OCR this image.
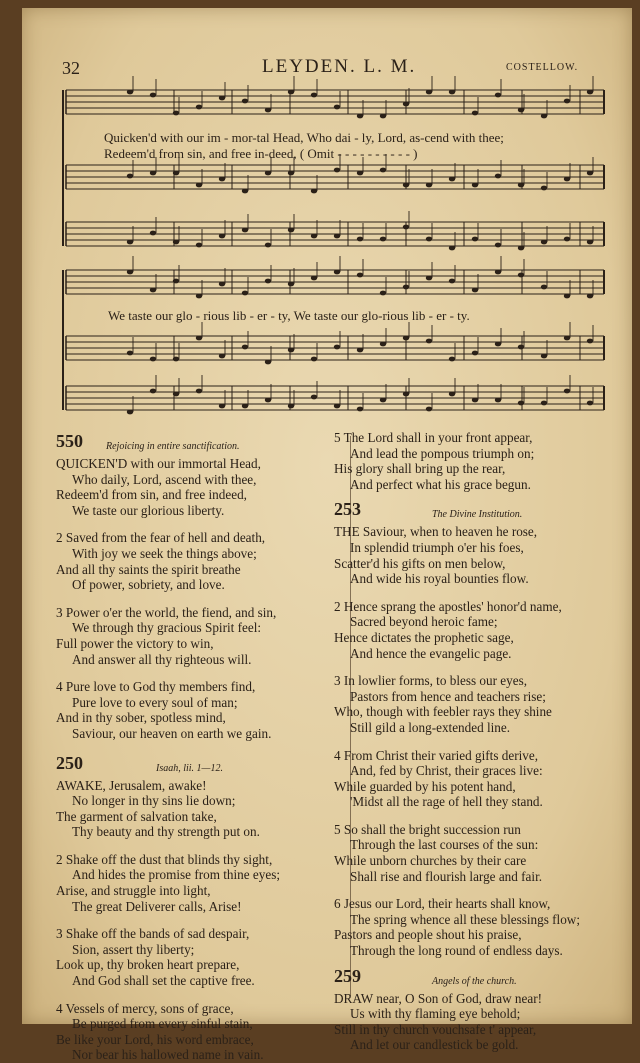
32	LEYDEN. L. M.	COSTELLOW.
Quicken'd with our im - mor-tal Head, Who dai - ly, Lord, as-cend with thee;
Redeem'd from sin, and free in-deed, ( Omit - - - - - - - - - - )
We taste our glo - rious lib - er - ty, We taste our glo-rious lib - er - ty.
550 Rejoicing in entire sanctification.
QUICKEN'D with our immortal Head,
Who daily, Lord, ascend with thee,
Redeem'd from sin, and free indeed,
We taste our glorious liberty.
2 Saved from the fear of hell and death,
With joy we seek the things above;
And all thy saints the spirit breathe
Of power, sobriety, and love.
3 Power o'er the world, the fiend, and sin,
We through thy gracious Spirit feel:
Full power the victory to win,
And answer all thy righteous will.
4 Pure love to God thy members find,
Pure love to every soul of man;
And in thy sober, spotless mind,
Saviour, our heaven on earth we gain.
250	Isaah, lii. 1—12.
AWAKE, Jerusalem, awake!
No longer in thy sins lie down;
The garment of salvation take,
Thy beauty and thy strength put on.
2 Shake off the dust that blinds thy sight,
And hides the promise from thine eyes;
Arise, and struggle into light,
The great Deliverer calls, Arise!
3 Shake off the bands of sad despair,
Sion, assert thy liberty;
Look up, thy broken heart prepare,
And God shall set the captive free.
4 Vessels of mercy, sons of grace,
Be purged from every sinful stain,
Be like your Lord, his word embrace,
Nor bear his hallowed name in vain.
5 The Lord shall in your front appear,
And lead the pompous triumph on;
His glory shall bring up the rear,
And perfect what his grace begun.
253	The Divine Institution.
THE Saviour, when to heaven he rose,
In splendid triumph o'er his foes,
Scatter'd his gifts on men below,
And wide his royal bounties flow.
2 Hence sprang the apostles' honor'd name,
Sacred beyond heroic fame;
Hence dictates the prophetic sage,
And hence the evangelic page.
3 In lowlier forms, to bless our eyes,
Pastors from hence and teachers rise;
Who, though with feebler rays they shine
Still gild a long-extended line.
4 From Christ their varied gifts derive,
And, fed by Christ, their graces live:
While guarded by his potent hand,
'Midst all the rage of hell they stand.
5 So shall the bright succession run
Through the last courses of the sun:
While unborn churches by their care
Shall rise and flourish large and fair.
6 Jesus our Lord, their hearts shall know,
The spring whence all these blessings flow;
Pastors and people shout his praise,
Through the long round of endless days.
259	Angels of the church.
DRAW near, O Son of God, draw near!
Us with thy flaming eye behold;
Still in thy church vouchsafe t' appear,
And let our candlestick be gold.
